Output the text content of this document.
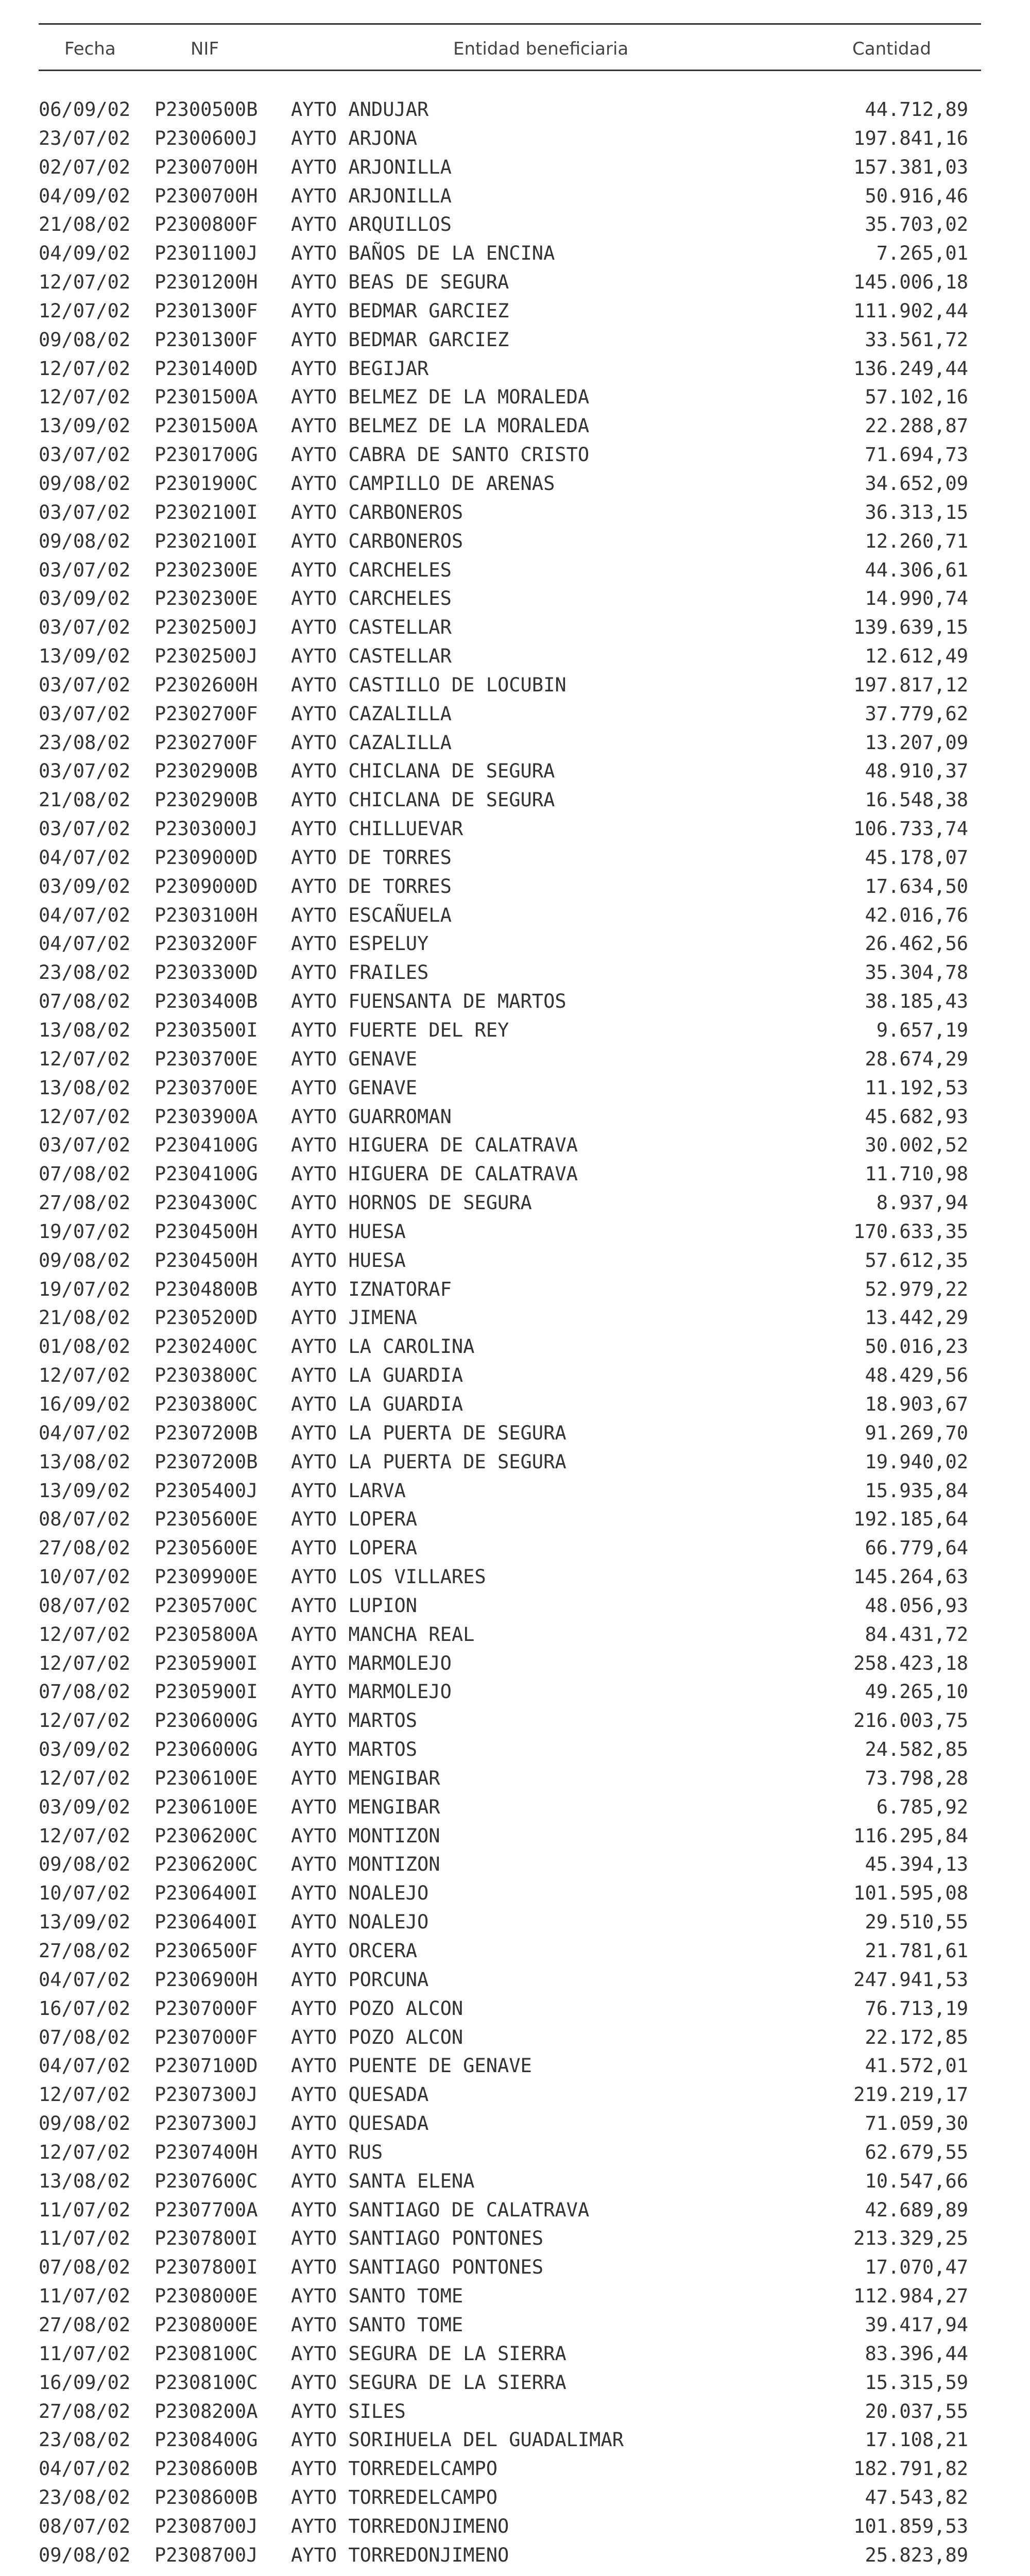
Fecha	NIF	Entidad beneficiaria	Cantidad
06/09/02 P2300500B AYTO ANDUJAR	44.712,89
23/07/02 P2300600J AYTO ARJONA	197.841,16
02/07/02 P2300700H AYTO ARJONILLA	157.381,03
04/09/02 P2300700H AYTO ARJONILLA	50.916,46
21/08/02 P2300800F AYTO ARQUILLOS	35.703,02
04/09/02 P2301100J AYTO BAÑOS DE LA ENCINA	7.265,01
12/07/02 P2301200H AYTO BEAS DE SEGURA	145.006,18
12/07/02 P2301300F AYTO BEDMAR GARCIEZ	111.902,44
09/08/02 P2301300F AYTO BEDMAR GARCIEZ	33.561,72
12/07/02 P2301400D AYTO BEGIJAR	136.249,44
12/07/02 P2301500A AYTO BELMEZ DE LA MORALEDA	57.102,16
13/09/02 P2301500A AYTO BELMEZ DE LA MORALEDA	22.288,87
03/07/02 P2301700G AYTO CABRA DE SANTO CRISTO	71.694,73
09/08/02 P2301900C AYTO CAMPILLO DE ARENAS	34.652,09
03/07/02 P2302100I AYTO CARBONEROS	36.313,15
09/08/02 P2302100I AYTO CARBONEROS	12.260,71
03/07/02 P2302300E AYTO CARCHELES	44.306,61
03/09/02 P2302300E AYTO CARCHELES	14.990,74
03/07/02 P2302500J AYTO CASTELLAR	139.639,15
13/09/02 P2302500J AYTO CASTELLAR	12.612,49
03/07/02 P2302600H AYTO CASTILLO DE LOCUBIN	197.817,12
03/07/02 P2302700F AYTO CAZALILLA	37.779,62
23/08/02 P2302700F AYTO CAZALILLA	13.207,09
03/07/02 P2302900B AYTO CHICLANA DE SEGURA	48.910,37
21/08/02 P2302900B AYTO CHICLANA DE SEGURA	16.548,38
03/07/02 P2303000J AYTO CHILLUEVAR	106.733,74
04/07/02 P2309000D AYTO DE TORRES	45.178,07
03/09/02 P2309000D AYTO DE TORRES	17.634,50
04/07/02 P2303100H AYTO ESCAÑUELA	42.016,76
04/07/02 P2303200F AYTO ESPELUY	26.462,56
23/08/02 P2303300D AYTO FRAILES	35.304,78
07/08/02 P2303400B AYTO FUENSANTA DE MARTOS	38.185,43
13/08/02 P2303500I AYTO FUERTE DEL REY	9.657,19
12/07/02 P2303700E AYTO GENAVE	28.674,29
13/08/02 P2303700E AYTO GENAVE	11.192,53
12/07/02 P2303900A AYTO GUARROMAN	45.682,93
03/07/02 P2304100G AYTO HIGUERA DE CALATRAVA	30.002,52
07/08/02 P2304100G AYTO HIGUERA DE CALATRAVA	11.710,98
27/08/02 P2304300C AYTO HORNOS DE SEGURA	8.937,94
19/07/02 P2304500H AYTO HUESA	170.633,35
09/08/02 P2304500H AYTO HUESA	57.612,35
19/07/02 P2304800B AYTO IZNATORAF	52.979,22
21/08/02 P2305200D AYTO JIMENA	13.442,29
01/08/02 P2302400C AYTO LA CAROLINA	50.016,23
12/07/02 P2303800C AYTO LA GUARDIA	48.429,56
16/09/02 P2303800C AYTO LA GUARDIA	18.903,67
04/07/02 P2307200B AYTO LA PUERTA DE SEGURA	91.269,70
13/08/02 P2307200B AYTO LA PUERTA DE SEGURA	19.940,02
13/09/02 P2305400J AYTO LARVA	15.935,84
08/07/02 P2305600E AYTO LOPERA	192.185,64
27/08/02 P2305600E AYTO LOPERA	66.779,64
10/07/02 P2309900E AYTO LOS VILLARES	145.264,63
08/07/02 P2305700C AYTO LUPION	48.056,93
12/07/02 P2305800A AYTO MANCHA REAL	84.431,72
12/07/02 P2305900I AYTO MARMOLEJO	258.423,18
07/08/02 P2305900I AYTO MARMOLEJO	49.265,10
12/07/02 P2306000G AYTO MARTOS	216.003,75
03/09/02 P2306000G AYTO MARTOS	24.582,85
12/07/02 P2306100E AYTO MENGIBAR	73.798,28
03/09/02 P2306100E AYTO MENGIBAR	6.785,92
12/07/02 P2306200C AYTO MONTIZON	116.295,84
09/08/02 P2306200C AYTO MONTIZON	45.394,13
10/07/02 P2306400I AYTO NOALEJO	101.595,08
13/09/02 P2306400I AYTO NOALEJO	29.510,55
27/08/02 P2306500F AYTO ORCERA	21.781,61
04/07/02 P2306900H AYTO PORCUNA	247.941,53
16/07/02 P2307000F AYTO POZO ALCON	76.713,19
07/08/02 P2307000F AYTO POZO ALCON	22.172,85
04/07/02 P2307100D AYTO PUENTE DE GENAVE	41.572,01
12/07/02 P2307300J AYTO QUESADA	219.219,17
09/08/02 P2307300J AYTO QUESADA	71.059,30
12/07/02 P2307400H AYTO RUS	62.679,55
13/08/02 P2307600C AYTO SANTA ELENA	10.547,66
11/07/02 P2307700A AYTO SANTIAGO DE CALATRAVA	42.689,89
11/07/02 P2307800I AYTO SANTIAGO PONTONES	213.329,25
07/08/02 P2307800I AYTO SANTIAGO PONTONES	17.070,47
11/07/02 P2308000E AYTO SANTO TOME	112.984,27
27/08/02 P2308000E AYTO SANTO TOME	39.417,94
11/07/02 P2308100C AYTO SEGURA DE LA SIERRA	83.396,44
16/09/02 P2308100C AYTO SEGURA DE LA SIERRA	15.315,59
27/08/02 P2308200A AYTO SILES	20.037,55
23/08/02 P2308400G AYTO SORIHUELA DEL GUADALIMAR	17.108,21
04/07/02 P2308600B AYTO TORREDELCAMPO	182.791,82
23/08/02 P2308600B AYTO TORREDELCAMPO	47.543,82
08/07/02 P2308700J AYTO TORREDONJIMENO	101.859,53
09/08/02 P2308700J AYTO TORREDONJIMENO	25.823,89
